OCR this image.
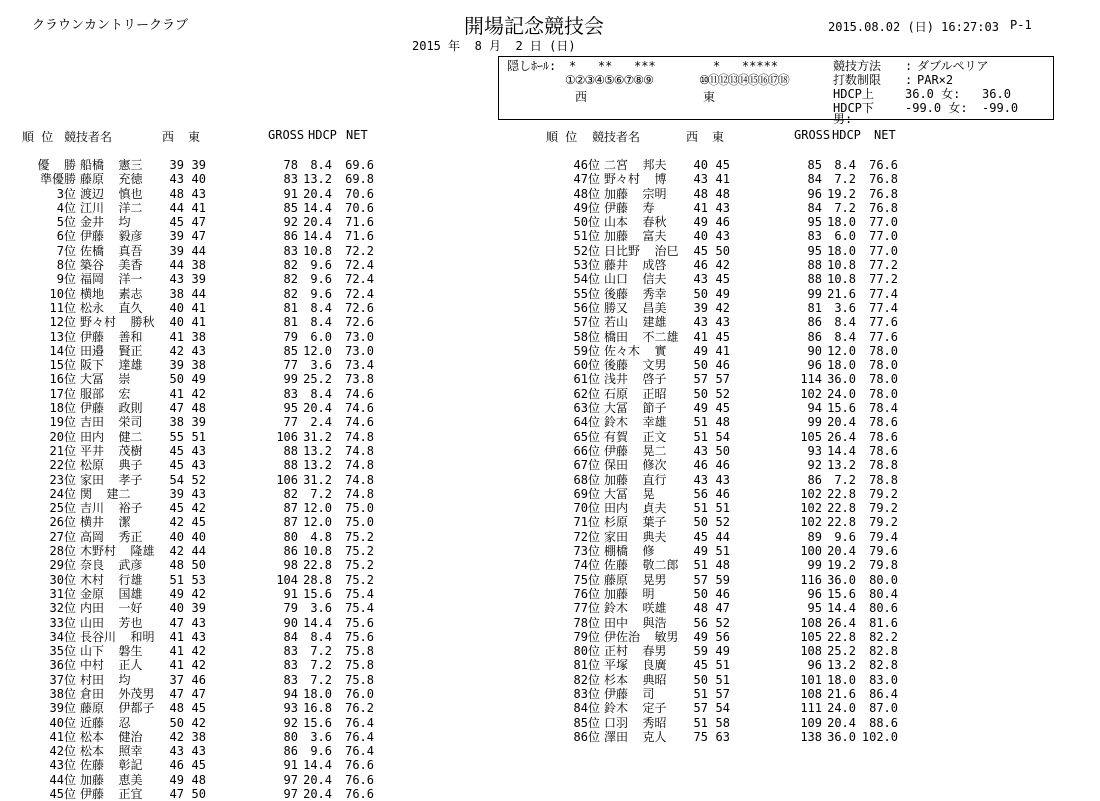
クラウンカントリークラブ	開場記念競技会	2015.08.02 (日) 16:27:03 P-1
2015 年  8 月  2 日 (日)
隠しﾎｰﾙ: *   **   ***	*   *****
①②③④⑤⑥⑦⑧⑨	⑩⑪⑫⑬⑭⑮⑯⑰⑱
西	東
競技方法 : ダブルペリア
打数制限 : PAR×2
HDCP上	36.0 女:   36.0
HDCP下	-99.0 女:  -99.0
男:
順 位 競技者名	西 東	GROSS HDCP NET	順 位 競技者名	西 東	GROSS HDCP NET
優  勝 船橋  憲三	39 39	78	8.4	69.6
準優勝 藤原  充徳	43 40	83 13.2	69.8
3位 渡辺  慎也	48 43	91 20.4	70.6
4位 江川  洋二	44 41	85 14.4	70.6
5位 金井  均	45 47	92 20.4	71.6
6位 伊藤  毅彦	39 47	86 14.4	71.6
7位 佐橋  真吾	39 44	83 10.8	72.2
8位 築谷  美香	44 38	82	9.6	72.4
9位 福岡  洋一	43 39	82	9.6	72.4
10位 横地  素志	38 44	82	9.6	72.4
11位 松永  直久	40 41	81	8.4	72.6
12位 野々村  勝秋	40 41	81	8.4	72.6
13位 伊藤  善和	41 38	79	6.0	73.0
14位 田邉  賢正	42 43	85 12.0	73.0
15位 阪下  達雄	39 38	77	3.6	73.4
16位 大冨  崇	50 49	99 25.2	73.8
17位 服部  宏	41 42	83	8.4	74.6
18位 伊藤  政則	47 48	95 20.4	74.6
19位 吉田  栄司	38 39	77	2.4	74.6
20位 田内  健二	55 51	106 31.2	74.8
21位 平井  茂樹	45 43	88 13.2	74.8
22位 松原  典子	45 43	88 13.2	74.8
23位 家田  孝子	54 52	106 31.2	74.8
24位 関  建二	39 43	82	7.2	74.8
25位 吉川  裕子	45 42	87 12.0	75.0
26位 横井  潔	42 45	87 12.0	75.0
27位 高岡  秀正	40 40	80	4.8	75.2
28位 木野村  隆雄	42 44	86 10.8	75.2
29位 奈良  武彦	48 50	98 22.8	75.2
30位 木村  行雄	51 53	104 28.8	75.2
31位 金原  国雄	49 42	91 15.6	75.4
32位 内田  一好	40 39	79	3.6	75.4
33位 山田  芳也	47 43	90 14.4	75.6
34位 長谷川  和明	41 43	84	8.4	75.6
35位 山下  磐生	41 42	83	7.2	75.8
36位 中村  正人	41 42	83	7.2	75.8
37位 村田  均	37 46	83	7.2	75.8
38位 倉田  外茂男	47 47	94 18.0	76.0
39位 藤原  伊都子	48 45	93 16.8	76.2
40位 近藤  忍	50 42	92 15.6	76.4
41位 松本  健治	42 38	80	3.6	76.4
42位 松本  照幸	43 43	86	9.6	76.4
43位 佐藤  彰記	46 45	91 14.4	76.6
44位 加藤  恵美	49 48	97 20.4	76.6
45位 伊藤  正宜	47 50	97 20.4	76.6
46位 二宮  邦夫	40 45	85	8.4	76.6
47位 野々村  博	43 41	84	7.2	76.8
48位 加藤  宗明	48 48	96 19.2	76.8
49位 伊藤  寿	41 43	84	7.2	76.8
50位 山本  春秋	49 46	95 18.0	77.0
51位 加藤  富夫	40 43	83	6.0	77.0
52位 日比野  治巳	45 50	95 18.0	77.0
53位 藤井  成啓	46 42	88 10.8	77.2
54位 山口  信夫	43 45	88 10.8	77.2
55位 後藤  秀幸	50 49	99 21.6	77.4
56位 勝又  昌美	39 42	81	3.6	77.4
57位 若山  建雄	43 43	86	8.4	77.6
58位 橋田  不二雄	41 45	86	8.4	77.6
59位 佐々木  實	49 41	90 12.0	78.0
60位 後藤  文男	50 46	96 18.0	78.0
61位 浅井  啓子	57 57	114 36.0	78.0
62位 石原  正昭	50 52	102 24.0	78.0
63位 大冨  節子	49 45	94 15.6	78.4
64位 鈴木  幸雄	51 48	99 20.4	78.6
65位 有賀  正文	51 54	105 26.4	78.6
66位 伊藤  晃二	43 50	93 14.4	78.6
67位 保田  修次	46 46	92 13.2	78.8
68位 加藤  直行	43 43	86	7.2	78.8
69位 大冨  晃	56 46	102 22.8	79.2
70位 田内  貞夫	51 51	102 22.8	79.2
71位 杉原  葉子	50 52	102 22.8	79.2
72位 家田  典夫	45 44	89	9.6	79.4
73位 棚橋  修	49 51	100 20.4	79.6
74位 佐藤  敬二郎	51 48	99 19.2	79.8
75位 藤原  晃男	57 59	116 36.0	80.0
76位 加藤  明	50 46	96 15.6	80.4
77位 鈴木  咲雄	48 47	95 14.4	80.6
78位 田中  與浩	56 52	108 26.4	81.6
79位 伊佐治  敏男	49 56	105 22.8	82.2
80位 正村  春男	59 49	108 25.2	82.8
81位 平塚  良廣	45 51	96 13.2	82.8
82位 杉本  典昭	50 51	101 18.0	83.0
83位 伊藤  司	51 57	108 21.6	86.4
84位 鈴木  定子	57 54	111 24.0	87.0
85位 口羽  秀昭	51 58	109 20.4	88.6
86位 澤田  克人	75 63	138 36.0 102.0
